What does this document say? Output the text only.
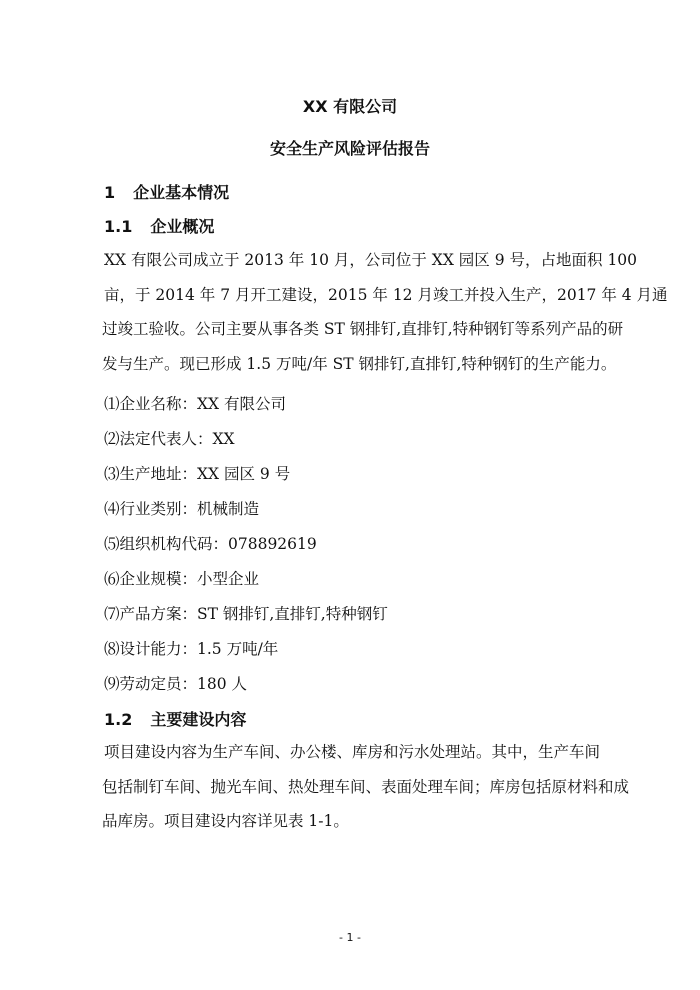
XX 有限公司
安全生产风险评估报告
1 企业基本情况
1.1 企业概况
XX 有限公司成立于 2013 年 10 月，公司位于 XX 园区 9 号，占地面积 100
亩，于 2014 年 7 月开工建设，2015 年 12 月竣工并投入生产，2017 年 4 月通
过竣工验收。公司主要从事各类 ST 钢排钉,直排钉,特种钢钉等系列产品的研
发与生产。现已形成 1.5 万吨/年 ST 钢排钉,直排钉,特种钢钉的生产能力。
⑴企业名称：XX 有限公司
⑵法定代表人：XX
⑶生产地址：XX 园区 9 号
⑷行业类别：机械制造
⑸组织机构代码：078892619
⑹企业规模：小型企业
⑺产品方案：ST 钢排钉,直排钉,特种钢钉
⑻设计能力：1.5 万吨/年
⑼劳动定员：180 人
1.2 主要建设内容
项目建设内容为生产车间、办公楼、库房和污水处理站。其中，生产车间
包括制钉车间、抛光车间、热处理车间、表面处理车间；库房包括原材料和成
品库房。项目建设内容详见表 1-1。
- 1 -
